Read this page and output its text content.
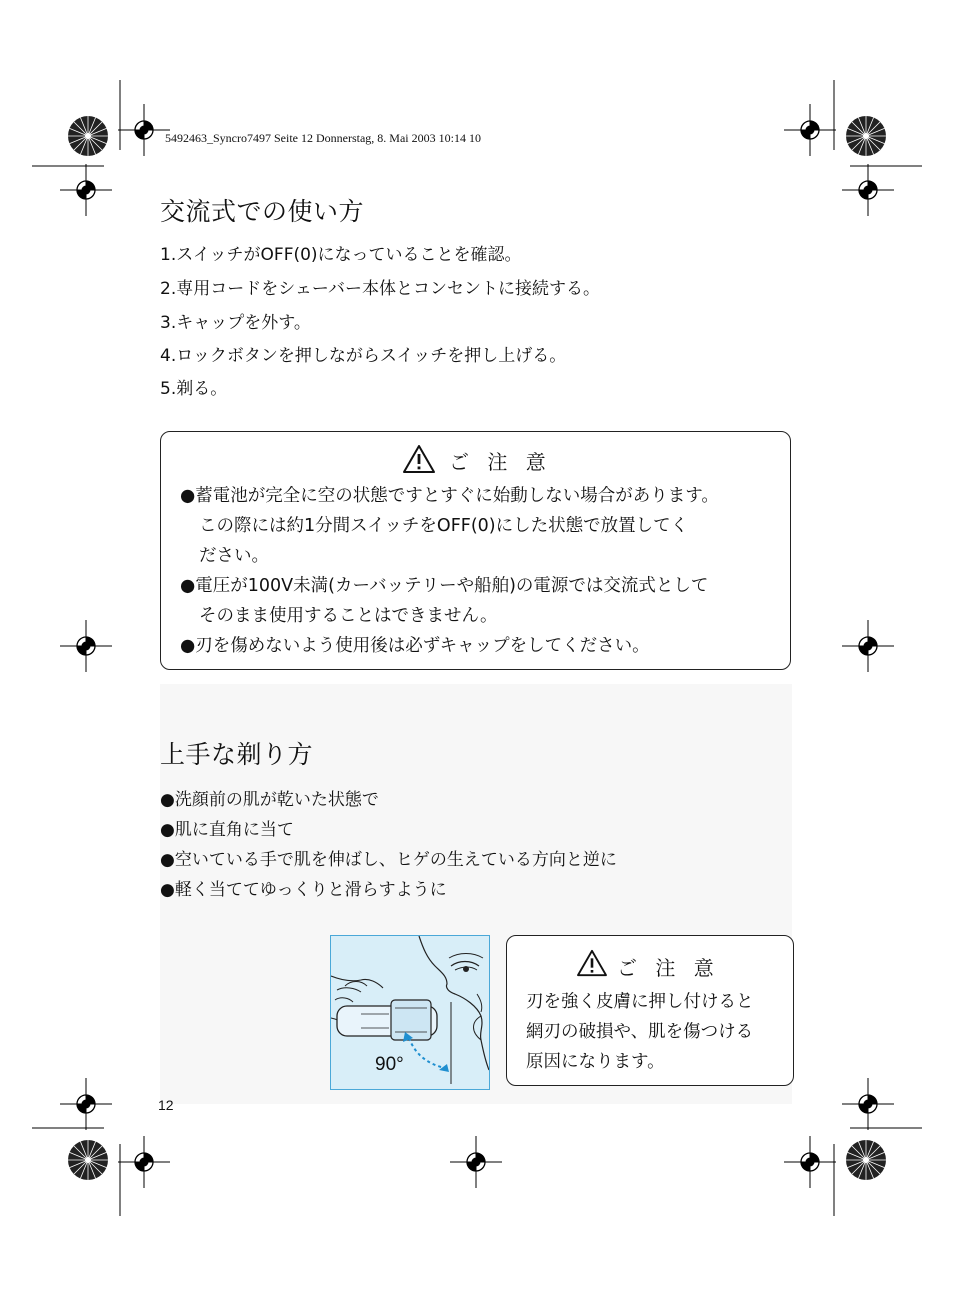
5492463_Syncro7497 Seite 12 Donnerstag, 8. Mai 2003 10:14 10
交流式での使い方
1.スイッチがOFF(0)になっていることを確認。
2.専用コードをシェーバー本体とコンセントに接続する。
3.キャップを外す。
4.ロックボタンを押しながらスイッチを押し上げる。
5.剃る。
ご 注 意
●蓄電池が完全に空の状態ですとすぐに始動しない場合があります。
この際には約1分間スイッチをOFF(0)にした状態で放置してく
ださい。
●電圧が100V未満(カーバッテリーや船舶)の電源では交流式として
そのまま使用することはできません。
●刃を傷めないよう使用後は必ずキャップをしてください。
上手な剃り方
●洗顔前の肌が乾いた状態で
●肌に直角に当て
●空いている手で肌を伸ばし、ヒゲの生えている方向と逆に
●軽く当ててゆっくりと滑らすように
90°
ご 注 意
刃を強く皮膚に押し付けると
網刃の破損や、肌を傷つける
原因になります。
12
